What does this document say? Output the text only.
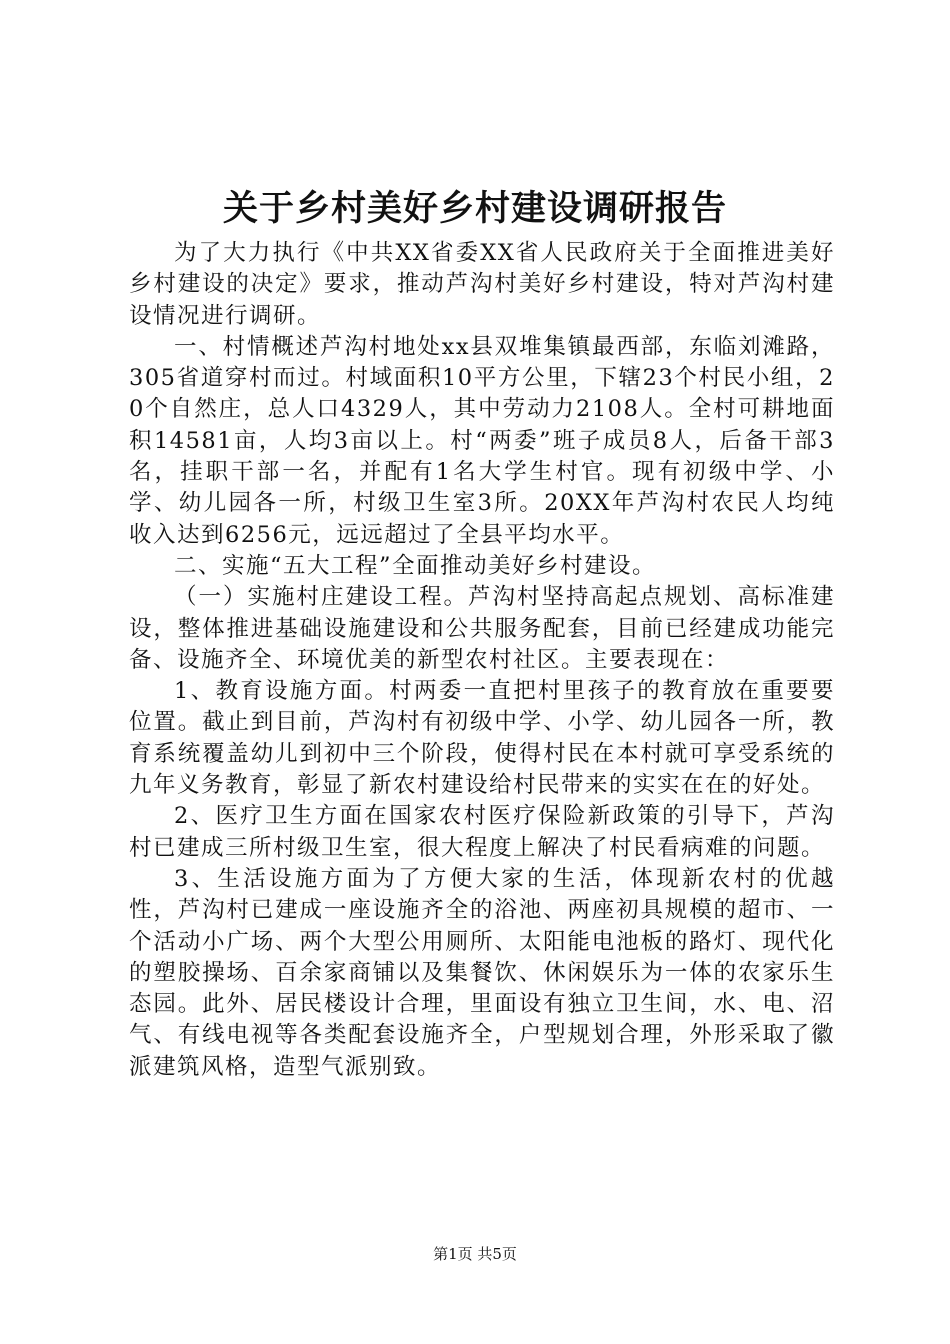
关于乡村美好乡村建设调研报告

为了大力执行《中共XX省委XX省人民政府关于全面推进美好乡村建设的决定》要求，推动芦沟村美好乡村建设，特对芦沟村建设情况进行调研。

一、村情概述芦沟村地处xx县双堆集镇最西部，东临刘滩路，305省道穿村而过。村域面积10平方公里，下辖23个村民小组，20个自然庄，总人口4329人，其中劳动力2108人。全村可耕地面积14581亩，人均3亩以上。村“两委”班子成员8人，后备干部3名，挂职干部一名，并配有1名大学生村官。现有初级中学、小学、幼儿园各一所，村级卫生室3所。20XX年芦沟村农民人均纯收入达到6256元，远远超过了全县平均水平。

二、实施“五大工程”全面推动美好乡村建设。

（一）实施村庄建设工程。芦沟村坚持高起点规划、高标准建设，整体推进基础设施建设和公共服务配套，目前已经建成功能完备、设施齐全、环境优美的新型农村社区。主要表现在：

1、教育设施方面。村两委一直把村里孩子的教育放在重要要位置。截止到目前，芦沟村有初级中学、小学、幼儿园各一所，教育系统覆盖幼儿到初中三个阶段，使得村民在本村就可享受系统的九年义务教育，彰显了新农村建设给村民带来的实实在在的好处。

2、医疗卫生方面在国家农村医疗保险新政策的引导下，芦沟村已建成三所村级卫生室，很大程度上解决了村民看病难的问题。

3、生活设施方面为了方便大家的生活，体现新农村的优越性，芦沟村已建成一座设施齐全的浴池、两座初具规模的超市、一个活动小广场、两个大型公用厕所、太阳能电池板的路灯、现代化的塑胶操场、百余家商铺以及集餐饮、休闲娱乐为一体的农家乐生态园。此外、居民楼设计合理，里面设有独立卫生间，水、电、沼气、有线电视等各类配套设施齐全，户型规划合理，外形采取了徽派建筑风格，造型气派别致。

第1页 共5页
